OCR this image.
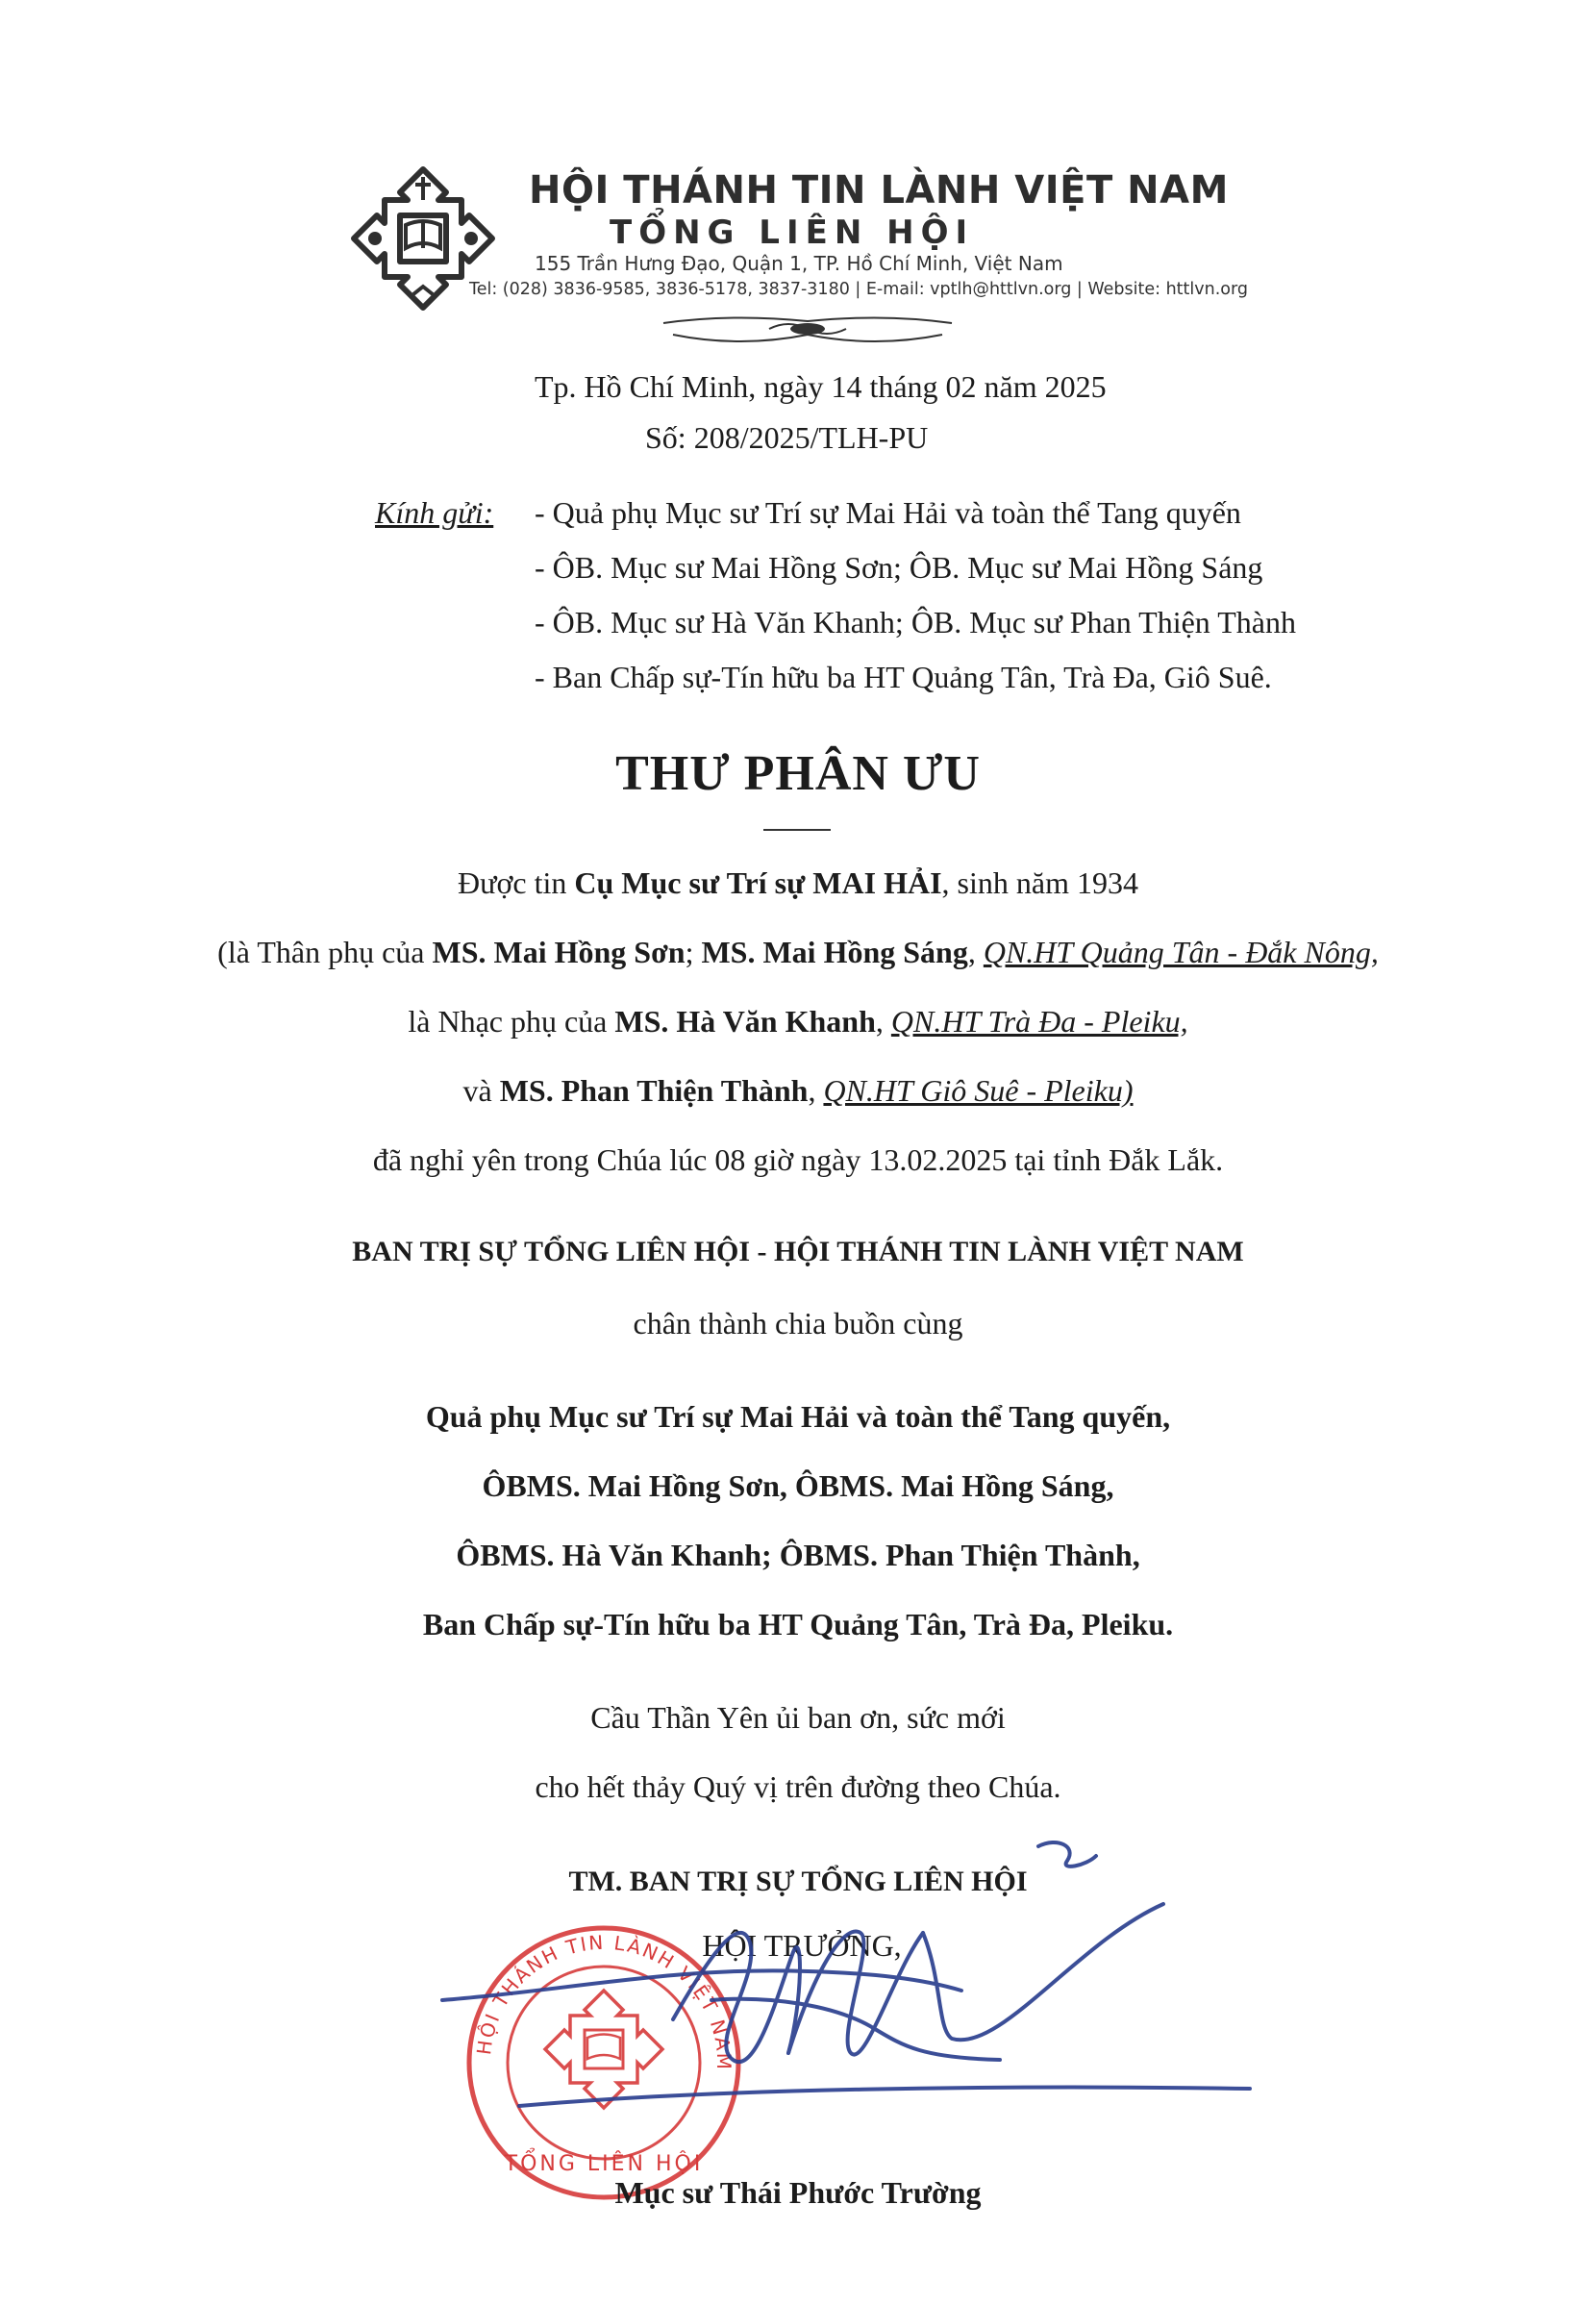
HỘI THÁNH TIN LÀNH VIỆT NAM
TỔNG LIÊN HỘI
155 Trần Hưng Đạo, Quận 1, TP. Hồ Chí Minh, Việt Nam
Tel: (028) 3836-9585, 3836-5178, 3837-3180 | E-mail: vptlh@httlvn.org | Website: httlvn.org
Tp. Hồ Chí Minh, ngày 14 tháng 02 năm 2025
Số: 208/2025/TLH-PU
Kính gửi: - Quả phụ Mục sư Trí sự Mai Hải và toàn thể Tang quyến
- ÔB. Mục sư Mai Hồng Sơn; ÔB. Mục sư Mai Hồng Sáng
- ÔB. Mục sư Hà Văn Khanh; ÔB. Mục sư Phan Thiện Thành
- Ban Chấp sự-Tín hữu ba HT Quảng Tân, Trà Đa, Giô Suê.
THƯ PHÂN ƯU
Được tin Cụ Mục sư Trí sự MAI HẢI, sinh năm 1934
(là Thân phụ của MS. Mai Hồng Sơn; MS. Mai Hồng Sáng, QN.HT Quảng Tân - Đắk Nông,
là Nhạc phụ của MS. Hà Văn Khanh, QN.HT Trà Đa - Pleiku,
và MS. Phan Thiện Thành, QN.HT Giô Suê - Pleiku)
đã nghỉ yên trong Chúa lúc 08 giờ ngày 13.02.2025 tại tỉnh Đắk Lắk.
BAN TRỊ SỰ TỔNG LIÊN HỘI - HỘI THÁNH TIN LÀNH VIỆT NAM
chân thành chia buồn cùng
Quả phụ Mục sư Trí sự Mai Hải và toàn thể Tang quyến,
ÔBMS. Mai Hồng Sơn, ÔBMS. Mai Hồng Sáng,
ÔBMS. Hà Văn Khanh; ÔBMS. Phan Thiện Thành,
Ban Chấp sự-Tín hữu ba HT Quảng Tân, Trà Đa, Pleiku.
Cầu Thần Yên ủi ban ơn, sức mới
cho hết thảy Quý vị trên đường theo Chúa.
TM. BAN TRỊ SỰ TỔNG LIÊN HỘI
HỘI TRƯỞNG,
HỘI THÁNH TIN LÀNH VIỆT NAM
TỔNG LIÊN HỘI
Mục sư Thái Phước Trường
